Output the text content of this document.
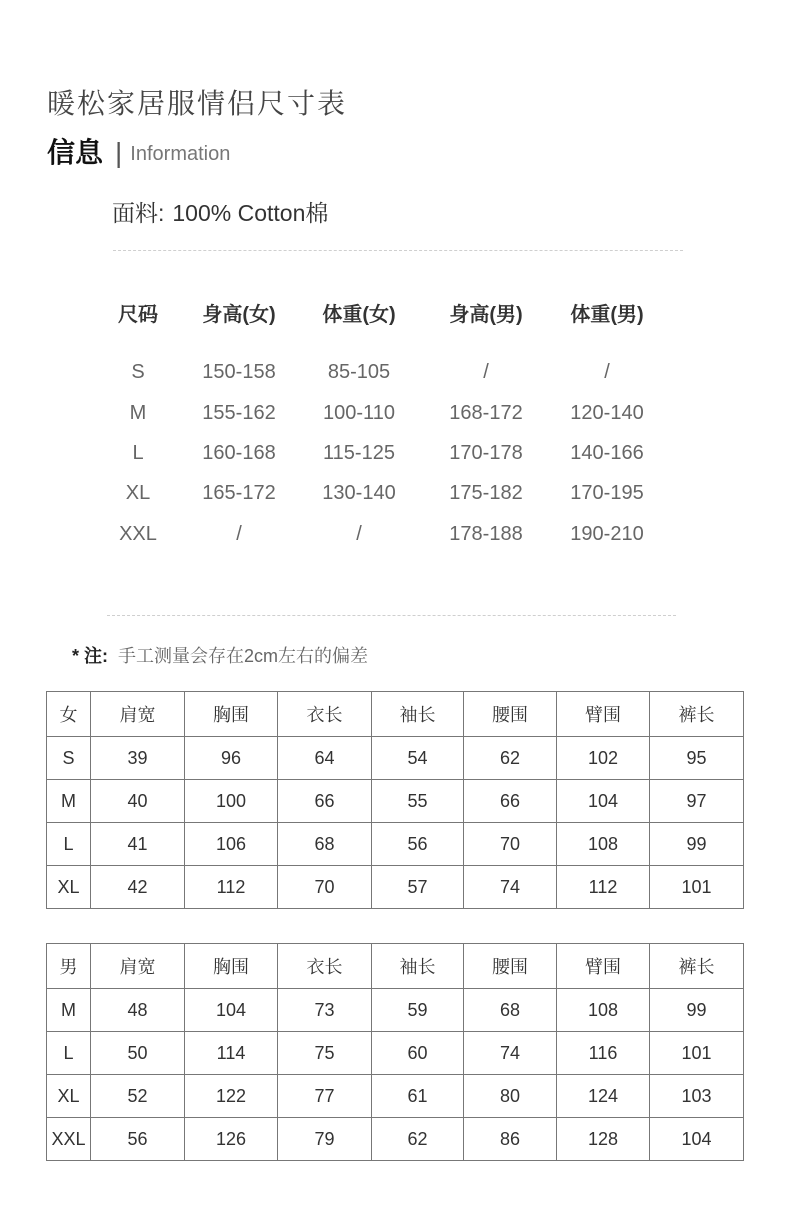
暖松家居服情侣尺寸表
信息 | Information
面料: 100% Cotton棉
尺码	身高(女)	体重(女)	身高(男)	体重(男)
S	150-158	85-105	/	/
M	155-162	100-110	168-172	120-140
L	160-168	115-125	170-178	140-166
XL	165-172	130-140	175-182	170-195
XXL	/	/	178-188	190-210
* 注: 手工测量会存在2cm左右的偏差
女	肩宽	胸围	衣长	袖长	腰围	臂围	裤长
S	39	96	64	54	62	102	95
M	40	100	66	55	66	104	97
L	41	106	68	56	70	108	99
XL	42	112	70	57	74	112	101
男	肩宽	胸围	衣长	袖长	腰围	臂围	裤长
M	48	104	73	59	68	108	99
L	50	114	75	60	74	116	101
XL	52	122	77	61	80	124	103
XXL	56	126	79	62	86	128	104
